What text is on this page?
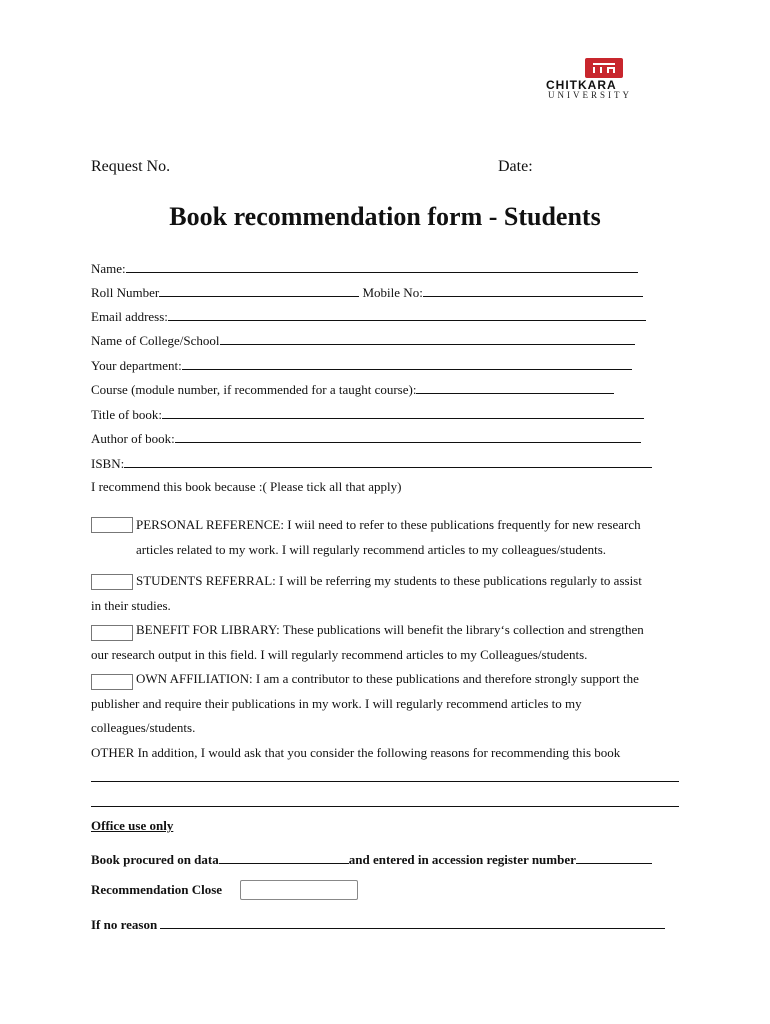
CHITKARA
UNIVERSITY
Request No.	Date:
Book recommendation form - Students
Name:
Roll Number	Mobile No:
Email address:
Name of College/School
Your department:
Course (module number, if recommended for a taught course):
Title of book:
Author of book:
ISBN:
I recommend this book because :( Please tick all that apply)
PERSONAL REFERENCE: I wiil need to refer to these publications frequently for new research
articles related to my work. I will regularly recommend articles to my colleagues/students.
STUDENTS REFERRAL: I will be referring my students to these publications regularly to assist
in their studies.
BENEFIT FOR LIBRARY: These publications will benefit the library‘s collection and strengthen
our research output in this field. I will regularly recommend articles to my Colleagues/students.
OWN AFFILIATION: I am a contributor to these publications and therefore strongly support the
publisher and require their publications in my work. I will regularly recommend articles to my
colleagues/students.
OTHER In addition, I would ask that you consider the following reasons for recommending this book
Office use only
Book procured on data	and entered in accession register number
Recommendation Close
If no reason
